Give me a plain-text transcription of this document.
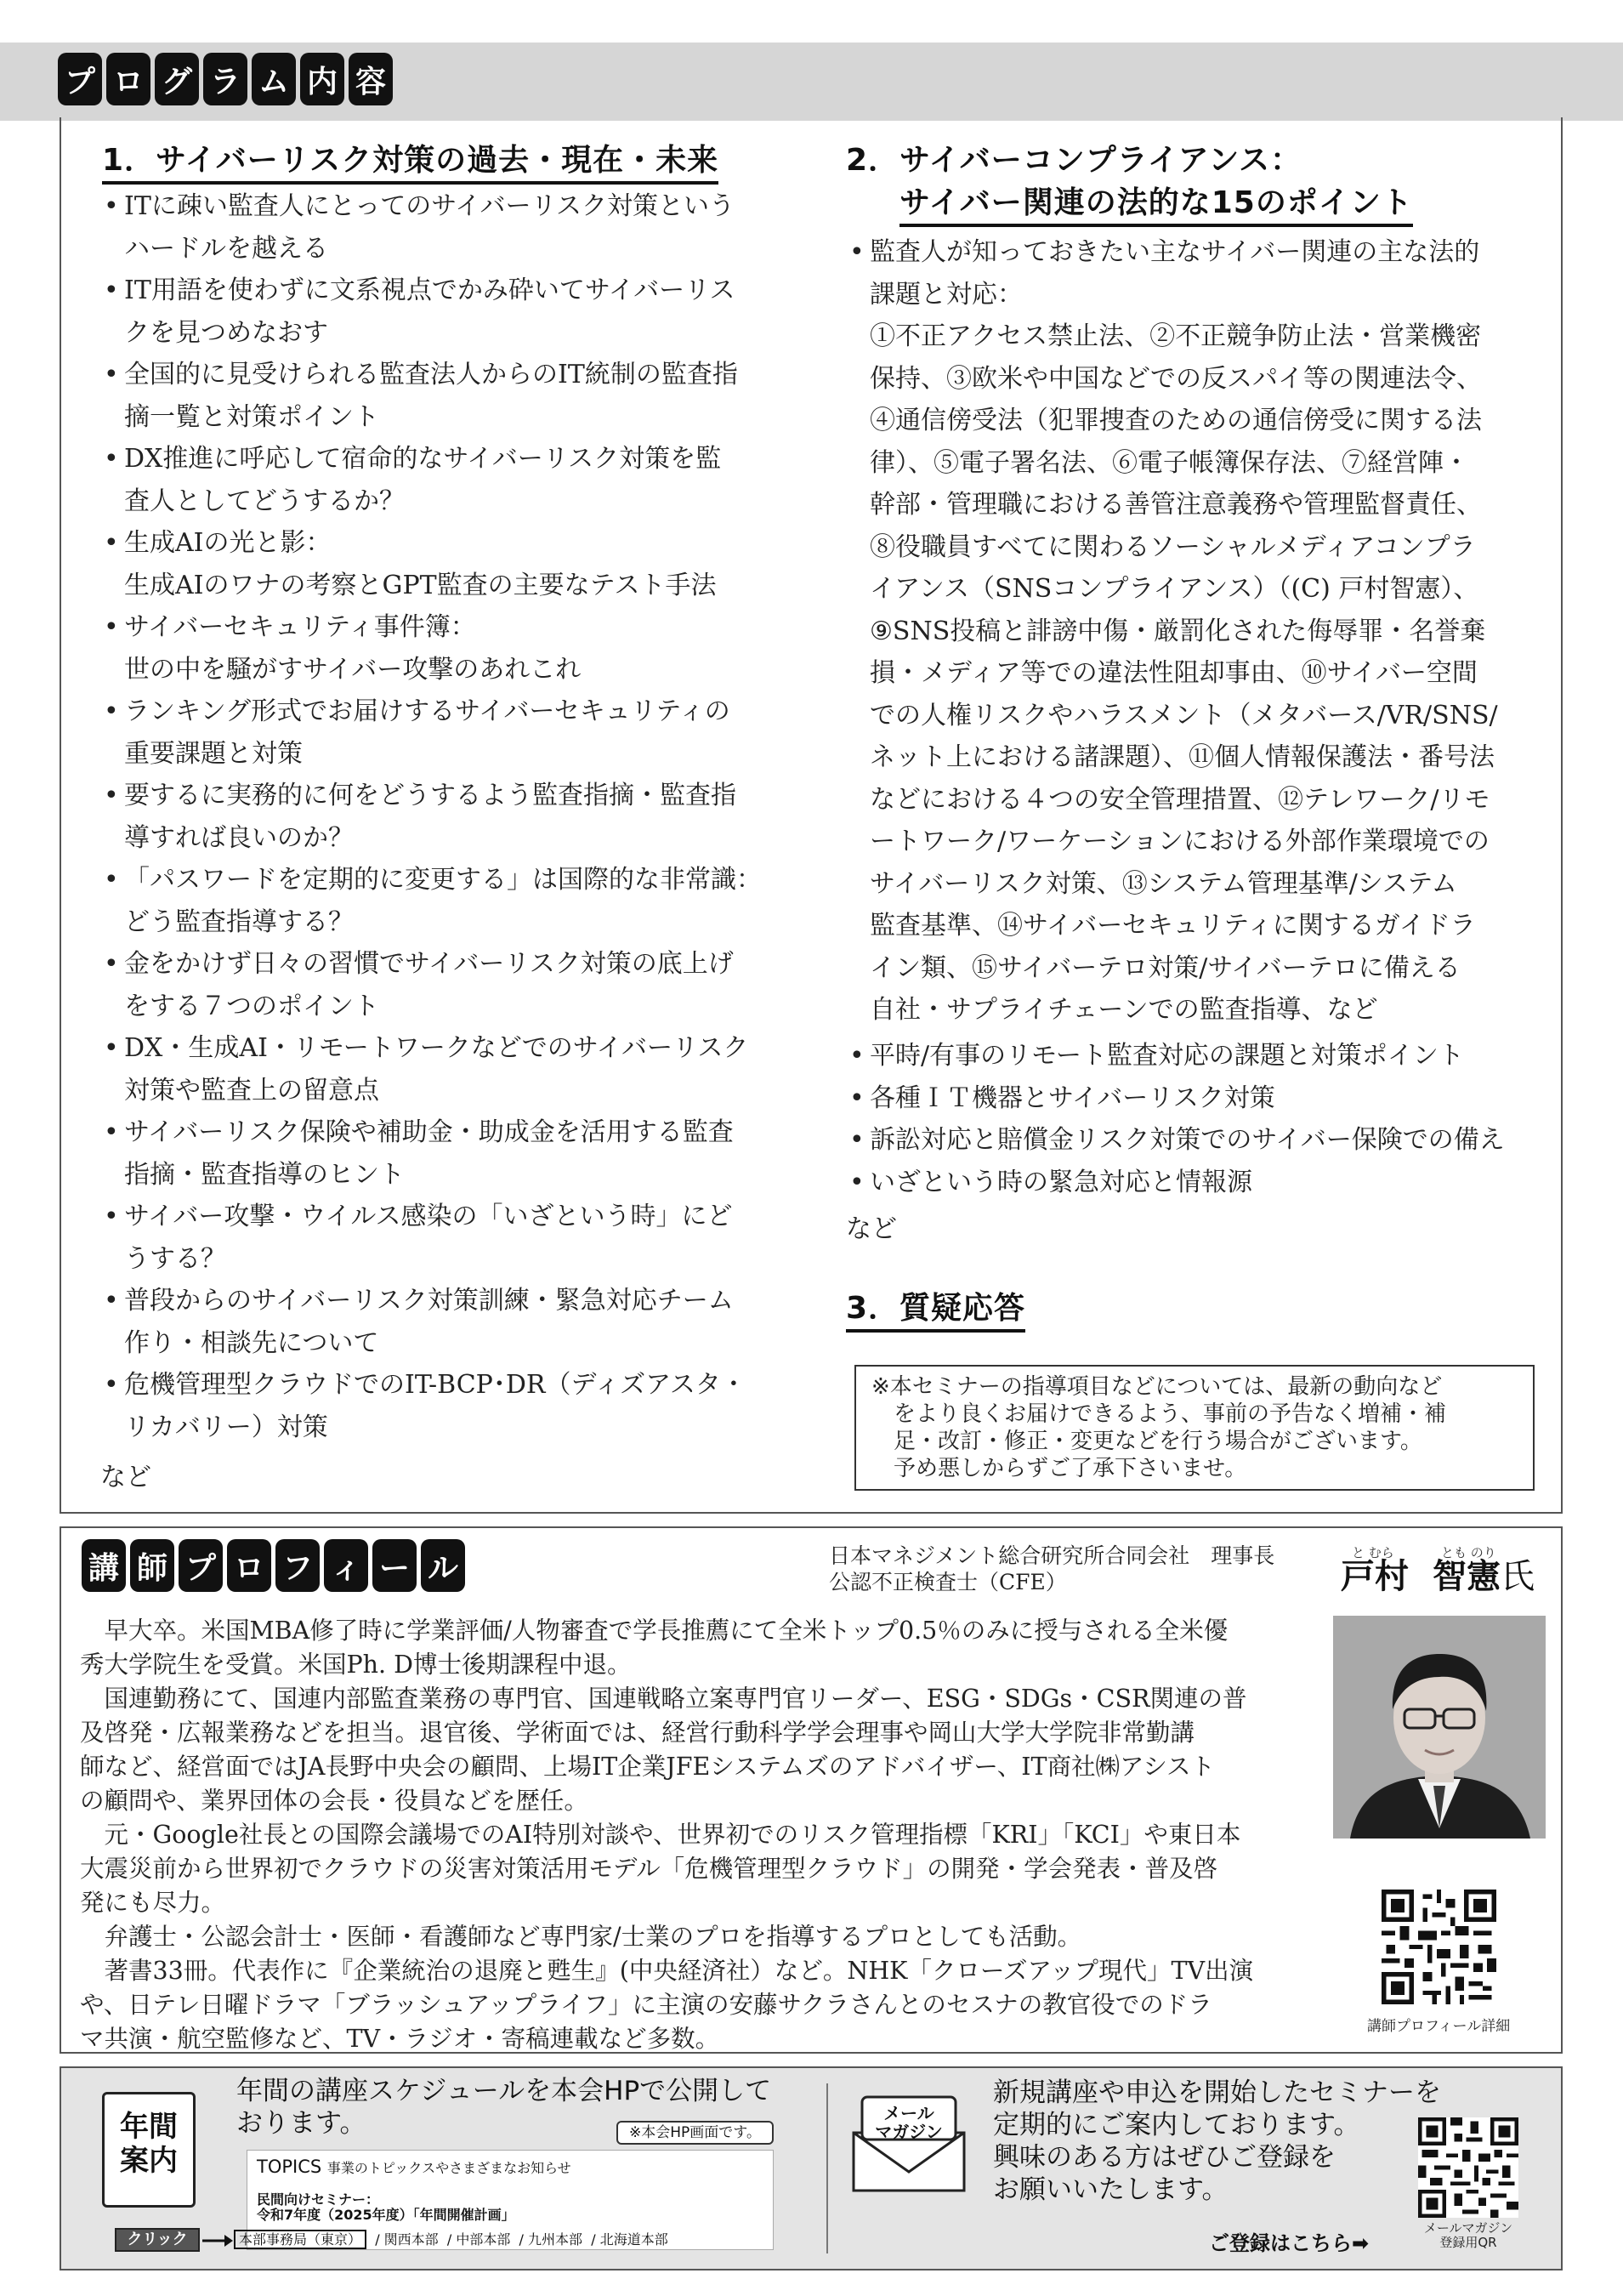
プ ロ グ ラ ム 内 容
1．サイバーリスク対策の過去・現在・未来
• ITに疎い監査人にとってのサイバーリスク対策という
ハードルを越える
• IT用語を使わずに文系視点でかみ砕いてサイバーリス
クを見つめなおす
• 全国的に見受けられる監査法人からのIT統制の監査指
摘一覧と対策ポイント
• DX推進に呼応して宿命的なサイバーリスク対策を監
査人としてどうするか？
• 生成AIの光と影：
生成AIのワナの考察とGPT監査の主要なテスト手法
• サイバーセキュリティ事件簿：
世の中を騒がすサイバー攻撃のあれこれ
• ランキング形式でお届けするサイバーセキュリティの
重要課題と対策
• 要するに実務的に何をどうするよう監査指摘・監査指
導すれば良いのか？
• 「パスワードを定期的に変更する」は国際的な非常識：
どう監査指導する？
• 金をかけず日々の習慣でサイバーリスク対策の底上げ
をする７つのポイント
• DX・生成AI・リモートワークなどでのサイバーリスク
対策や監査上の留意点
• サイバーリスク保険や補助金・助成金を活用する監査
指摘・監査指導のヒント
• サイバー攻撃・ウイルス感染の「いざという時」にど
うする？
• 普段からのサイバーリスク対策訓練・緊急対応チーム
作り・相談先について
• 危機管理型クラウドでのIT-BCP･DR（ディズアスタ・
リカバリー）対策
など
2．サイバーコンプライアンス：
サイバー関連の法的な15のポイント
• 監査人が知っておきたい主なサイバー関連の主な法的
課題と対応：
①不正アクセス禁止法、②不正競争防止法・営業機密
保持、③欧米や中国などでの反スパイ等の関連法令、
④通信傍受法（犯罪捜査のための通信傍受に関する法
律）、⑤電子署名法、⑥電子帳簿保存法、⑦経営陣・
幹部・管理職における善管注意義務や管理監督責任、
⑧役職員すべてに関わるソーシャルメディアコンプラ
イアンス（SNSコンプライアンス）（(C) 戸村智憲）、
⑨SNS投稿と誹謗中傷・厳罰化された侮辱罪・名誉棄
損・メディア等での違法性阻却事由、⑩サイバー空間
での人権リスクやハラスメント（メタバース/VR/SNS/
ネット上における諸課題）、⑪個人情報保護法・番号法
などにおける４つの安全管理措置、⑫テレワーク/リモ
ートワーク/ワーケーションにおける外部作業環境での
サイバーリスク対策、⑬システム管理基準/システム
監査基準、⑭サイバーセキュリティに関するガイドラ
イン類、⑮サイバーテロ対策/サイバーテロに備える
自社・サプライチェーンでの監査指導、など
• 平時/有事のリモート監査対応の課題と対策ポイント
• 各種ＩＴ機器とサイバーリスク対策
• 訴訟対応と賠償金リスク対策でのサイバー保険での備え
• いざという時の緊急対応と情報源
など
3．質疑応答
※本セミナーの指導項目などについては、最新の動向など
　をより良くお届けできるよう、事前の予告なく増補・補
　足・改訂・修正・変更などを行う場合がございます。
　予め悪しからずご了承下さいませ。
講 師 プ ロ フ ィ ー ル	日本マネジメント総合研究所合同会社　理事長
公認不正検査士（CFE）
と むら	とも のり
戸村 智憲氏
　早大卒。米国MBA修了時に学業評価/人物審査で学長推薦にて全米トップ0.5％のみに授与される全米優
秀大学院生を受賞。米国Ph. D博士後期課程中退。
　国連勤務にて、国連内部監査業務の専門官、国連戦略立案専門官リーダー、ESG・SDGs・CSR関連の普
及啓発・広報業務などを担当。退官後、学術面では、経営行動科学学会理事や岡山大学大学院非常勤講
師など、経営面ではJA長野中央会の顧問、上場IT企業JFEシステムズのアドバイザー、IT商社㈱アシスト
の顧問や、業界団体の会長・役員などを歴任。
　元・Google社長との国際会議場でのAI特別対談や、世界初でのリスク管理指標「KRI」「KCI」や東日本
大震災前から世界初でクラウドの災害対策活用モデル「危機管理型クラウド」の開発・学会発表・普及啓
発にも尽力。
　弁護士・公認会計士・医師・看護師など専門家/士業のプロを指導するプロとしても活動。
　著書33冊。代表作に『企業統治の退廃と甦生』(中央経済社）など。NHK「クローズアップ現代」TV出演
や、日テレ日曜ドラマ「ブラッシュアップライフ」に主演の安藤サクラさんとのセスナの教官役でのドラ
マ共演・航空監修など、TV・ラジオ・寄稿連載など多数。	講師プロフィール詳細
年間
案内
年間の講座スケジュールを本会HPで公開して
おります。	※本会HP画面です。
TOPICS 事業のトピックスやさまざまなお知らせ
民間向けセミナー：
令和7年度（2025年度）「年間開催計画」
クリック	本部事務局（東京）  / 関西本部  / 中部本部  / 九州本部  / 北海道本部
メール
マガジン
新規講座や申込を開始したセミナーを
定期的にご案内しております。
興味のある方はぜひご登録を
お願いいたします。
ご登録はこちら➡
メールマガジン
登録用QR
